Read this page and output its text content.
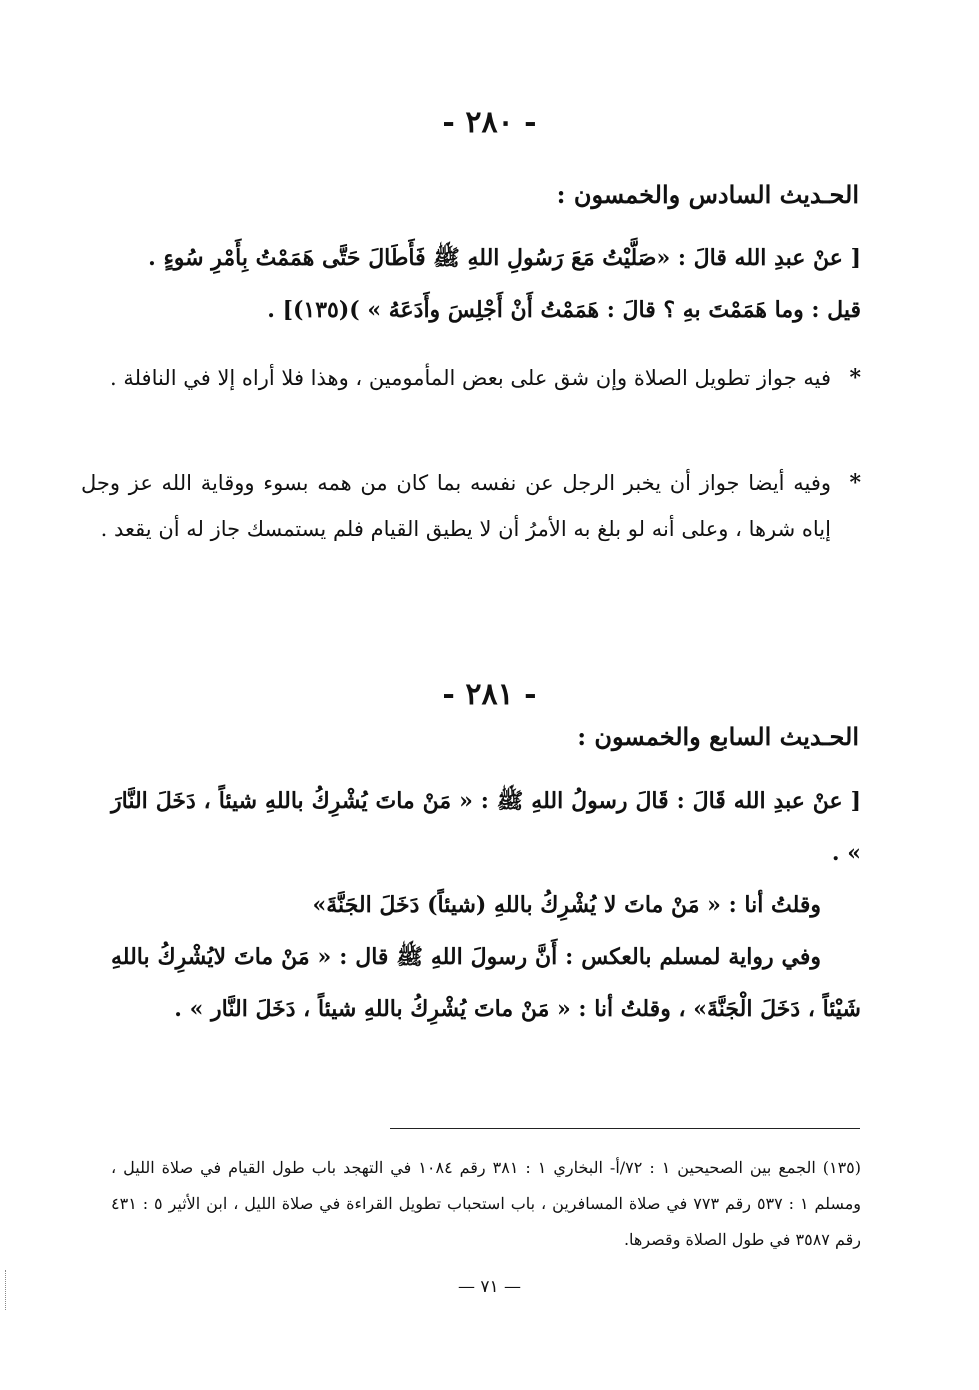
- ٢٨٠ -
الحـديث السادس والخمسون :
[ عنْ عبدِ الله قالَ : «صَلَّيْتُ مَعَ رَسُولِ اللهِ ﷺ فَأَطَالَ حَتَّى هَمَمْتُ بِأَمْرِ سُوءٍ .
قيل : وما هَمَمْتَ بهِ ؟ قالَ : هَمَمْتُ أَنْ أَجْلِسَ وأَدَعَهُ » )(١٣٥)] .
*
فيه جواز تطويل الصلاة وإن شق على بعض المأمومين ، وهذا فلا أراه إلا في النافلة .
*
وفيه أيضا جواز أن يخبر الرجل عن نفسه بما كان من همه بسوء ووقاية الله عز وجل إياه شرها ، وعلى أنه لو بلغ به الأمرُ أن لا يطيق القيام فلم يستمسك جاز له أن يقعد .
- ٢٨١ -
الحـديث السابع والخمسون :
[ عنْ عبدِ الله قَالَ : قَالَ رسولُ اللهِ ﷺ : « مَنْ ماتَ يُشْرِكُ باللهِ شيئاً ، دَخَلَ النَّارَ » .
وقلتُ أنا : « مَنْ ماتَ لا يُشْرِكُ باللهِ (شيئاً) دَخَلَ الجَنَّةَ»
وفي رواية لمسلم بالعكس : أَنَّ رسولَ اللهِ ﷺ قال : « مَنْ ماتَ لايُشْرِكُ باللهِ شَيْئاً ، دَخَلَ الْجَنَّةَ» ، وقلتُ أنا : « مَنْ ماتَ يُشْرِكُ باللهِ شيئاً ، دَخَلَ النَّار » .
(١٣٥) الجمع بين الصحيحين ١ : ٧٢/أ- البخاري ١ : ٣٨١ رقم ١٠٨٤ في التهجد باب طول القيام في صلاة الليل ، ومسلم ١ : ٥٣٧ رقم ٧٧٣ في صلاة المسافرين ، باب استحباب تطويل القراءة في صلاة الليل ، ابن الأثير ٥ : ٤٣١ رقم ٣٥٨٧ في طول الصلاة وقصرها.
— ٧١ —
